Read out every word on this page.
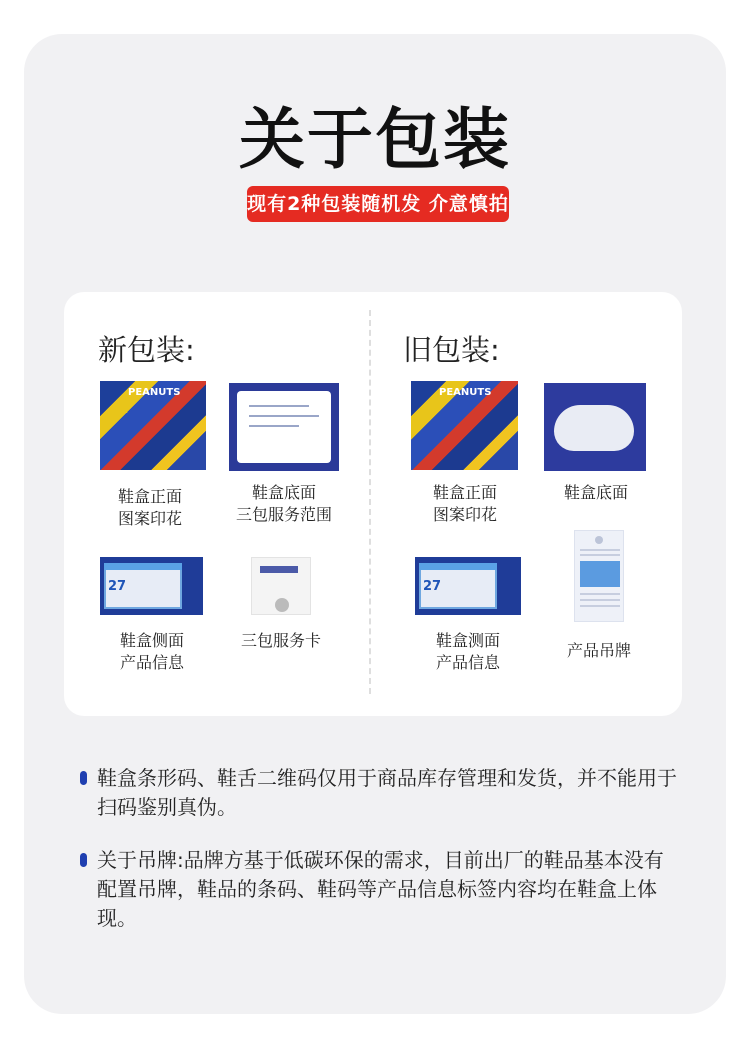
关于包装
现有2种包装随机发 介意慎拍
新包装:
PEANUTS
鞋盒正面
图案印花
鞋盒底面
三包服务范围
27
鞋盒侧面
产品信息
三包服务卡
旧包装:
PEANUTS
鞋盒正面
图案印花
鞋盒底面
27
鞋盒测面
产品信息
产品吊牌
鞋盒条形码、鞋舌二维码仅用于商品库存管理和发货，并不能用于扫码鉴别真伪。
关于吊牌:品牌方基于低碳环保的需求，目前出厂的鞋品基本没有配置吊牌，鞋品的条码、鞋码等产品信息标签内容均在鞋盒上体现。
